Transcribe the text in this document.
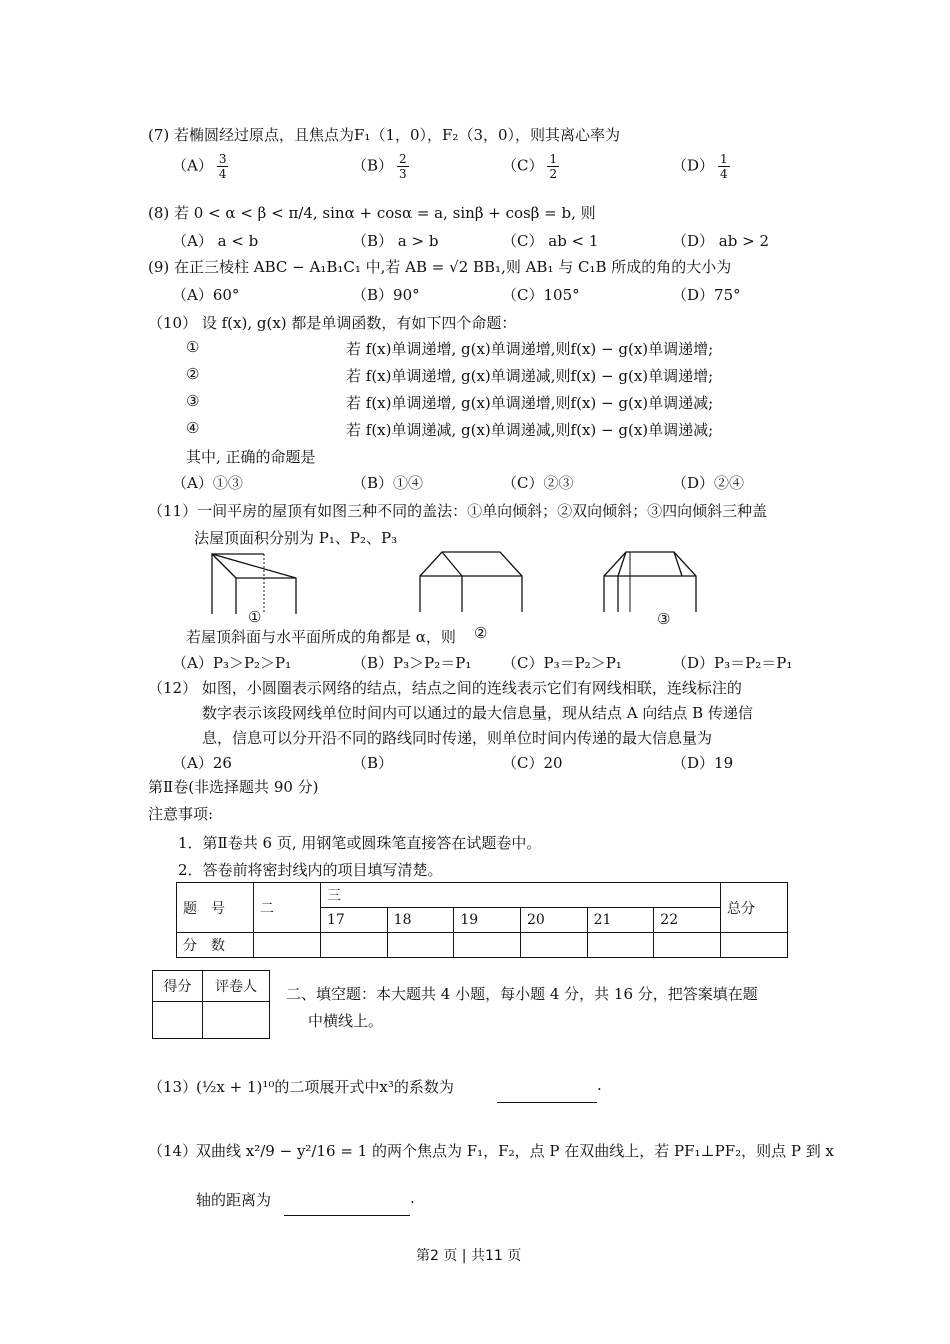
(7) 若椭圆经过原点，且焦点为F₁（1，0），F₂（3，0），则其离心率为
$(A) \frac{3}{4}$	$(B) \frac{2}{3}$	$(C) \frac{1}{2}$	$(D) \frac{1}{4}$
(8) 若 0 < α < β < π/4, sinα + cosα = a, sinβ + cosβ = b, 则
（A） a < b	（B） a > b	（C） ab < 1	（D） ab > 2
(9) 在正三棱柱 ABC − A₁B₁C₁ 中,若 AB = √2 BB₁,则 AB₁ 与 C₁B 所成的角的大小为
（A）60°	（B）90°	（C）105°	（D）75°
（10） 设 f(x), g(x) 都是单调函数，有如下四个命题：
①	若 f(x)单调递增, g(x)单调递增,则f(x) − g(x)单调递增;
②	若 f(x)单调递增, g(x)单调递减,则f(x) − g(x)单调递增;
③	若 f(x)单调递增, g(x)单调递增,则f(x) − g(x)单调递减;
④	若 f(x)单调递减, g(x)单调递减,则f(x) − g(x)单调递减;
其中, 正确的命题是
（A）①③	（B）①④	（C）②③	（D）②④
（11）一间平房的屋顶有如图三种不同的盖法：①单向倾斜；②双向倾斜；③四向倾斜三种盖
法屋顶面积分别为 P₁、P₂、P₃
①
②
③
若屋顶斜面与水平面所成的角都是 α，则
（A）P₃＞P₂＞P₁	（B）P₃＞P₂＝P₁ （C）P₃＝P₂＞P₁	（D）P₃＝P₂＝P₁
（12） 如图，小圆圈表示网络的结点，结点之间的连线表示它们有网线相联，连线标注的
数字表示该段网线单位时间内可以通过的最大信息量，现从结点 A 向结点 B 传递信
息，信息可以分开沿不同的路线同时传递，则单位时间内传递的最大信息量为
（A）26	（B）	（C）20	（D）19
第Ⅱ卷(非选择题共 90 分)
注意事项:
1．第Ⅱ卷共 6 页, 用钢笔或圆珠笔直接答在试题卷中。
2．答卷前将密封线内的项目填写清楚。
题　号	二	三						总分
		17	18	19	20	21	22	
分　数								
得分	评卷人
	二、填空题：本大题共 4 小题，每小题 4 分，共 16 分，把答案填在题
中横线上。
（13）
(½x + 1)¹⁰的二项展开式中x³的系数为	.
（14）
双曲线 x²/9 − y²/16 = 1 的两个焦点为 F₁，F₂，点 P 在双曲线上，若 PF₁⊥PF₂，则点 P 到 x
轴的距离为	.
第2 页 | 共11 页
